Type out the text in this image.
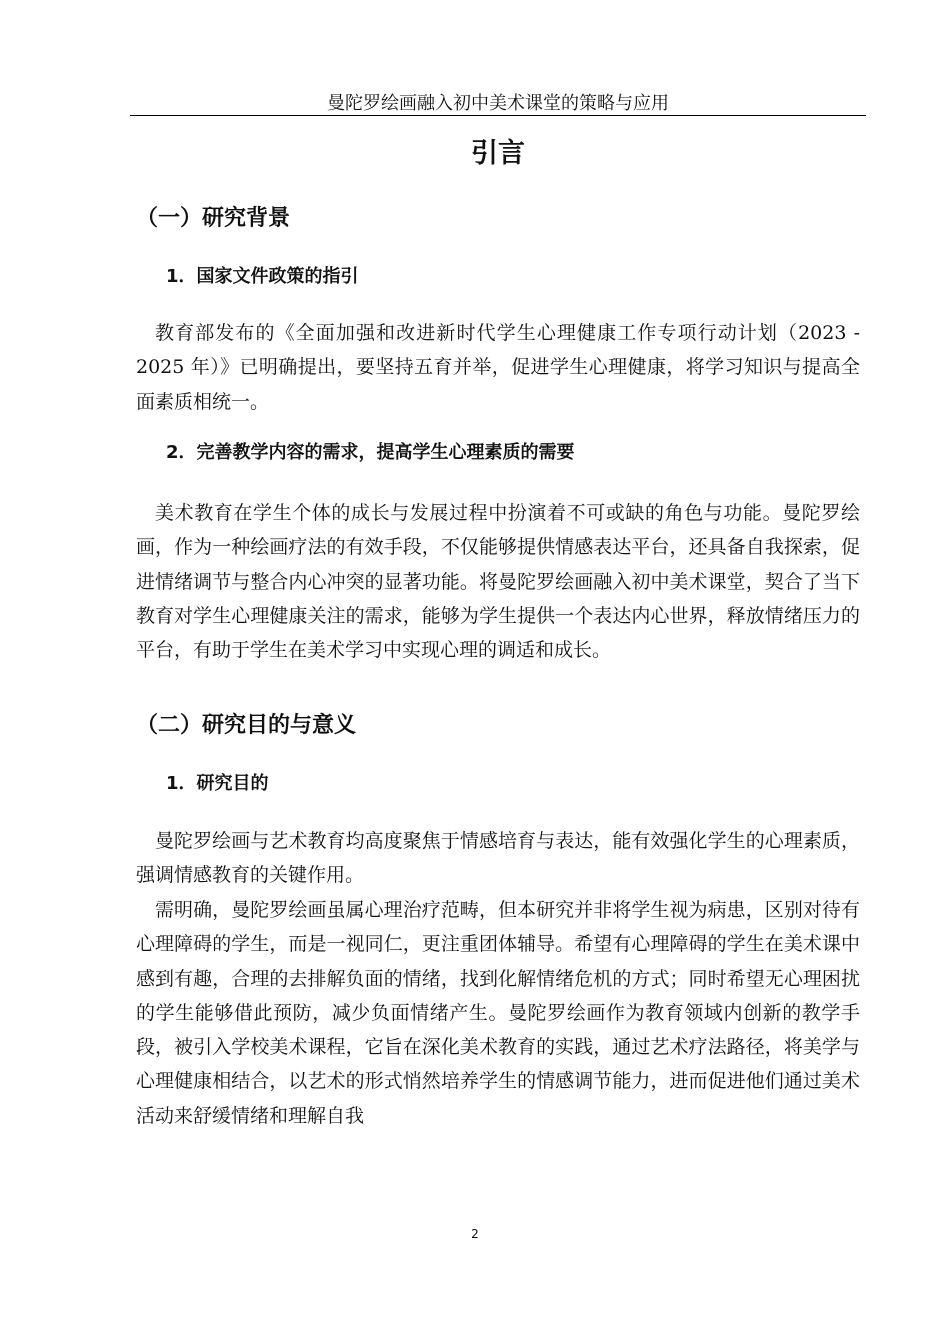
曼陀罗绘画融入初中美术课堂的策略与应用
引言
（一）研究背景
1．国家文件政策的指引
教育部发布的《全面加强和改进新时代学生心理健康工作专项行动计划（2023 - 2025 年）》已明确提出，要坚持五育并举，促进学生心理健康，将学习知识与提高全面素质相统一。
2．完善教学内容的需求，提高学生心理素质的需要
美术教育在学生个体的成长与发展过程中扮演着不可或缺的角色与功能。曼陀罗绘画，作为一种绘画疗法的有效手段，不仅能够提供情感表达平台，还具备自我探索，促进情绪调节与整合内心冲突的显著功能。将曼陀罗绘画融入初中美术课堂，契合了当下教育对学生心理健康关注的需求，能够为学生提供一个表达内心世界，释放情绪压力的平台，有助于学生在美术学习中实现心理的调适和成长。
（二）研究目的与意义
1．研究目的
曼陀罗绘画与艺术教育均高度聚焦于情感培育与表达，能有效强化学生的心理素质，强调情感教育的关键作用。
需明确，曼陀罗绘画虽属心理治疗范畴，但本研究并非将学生视为病患，区别对待有心理障碍的学生，而是一视同仁，更注重团体辅导。希望有心理障碍的学生在美术课中感到有趣，合理的去排解负面的情绪，找到化解情绪危机的方式；同时希望无心理困扰的学生能够借此预防，减少负面情绪产生。曼陀罗绘画作为教育领域内创新的教学手段，被引入学校美术课程，它旨在深化美术教育的实践，通过艺术疗法路径，将美学与心理健康相结合，以艺术的形式悄然培养学生的情感调节能力，进而促进他们通过美术活动来舒缓情绪和理解自我
2
